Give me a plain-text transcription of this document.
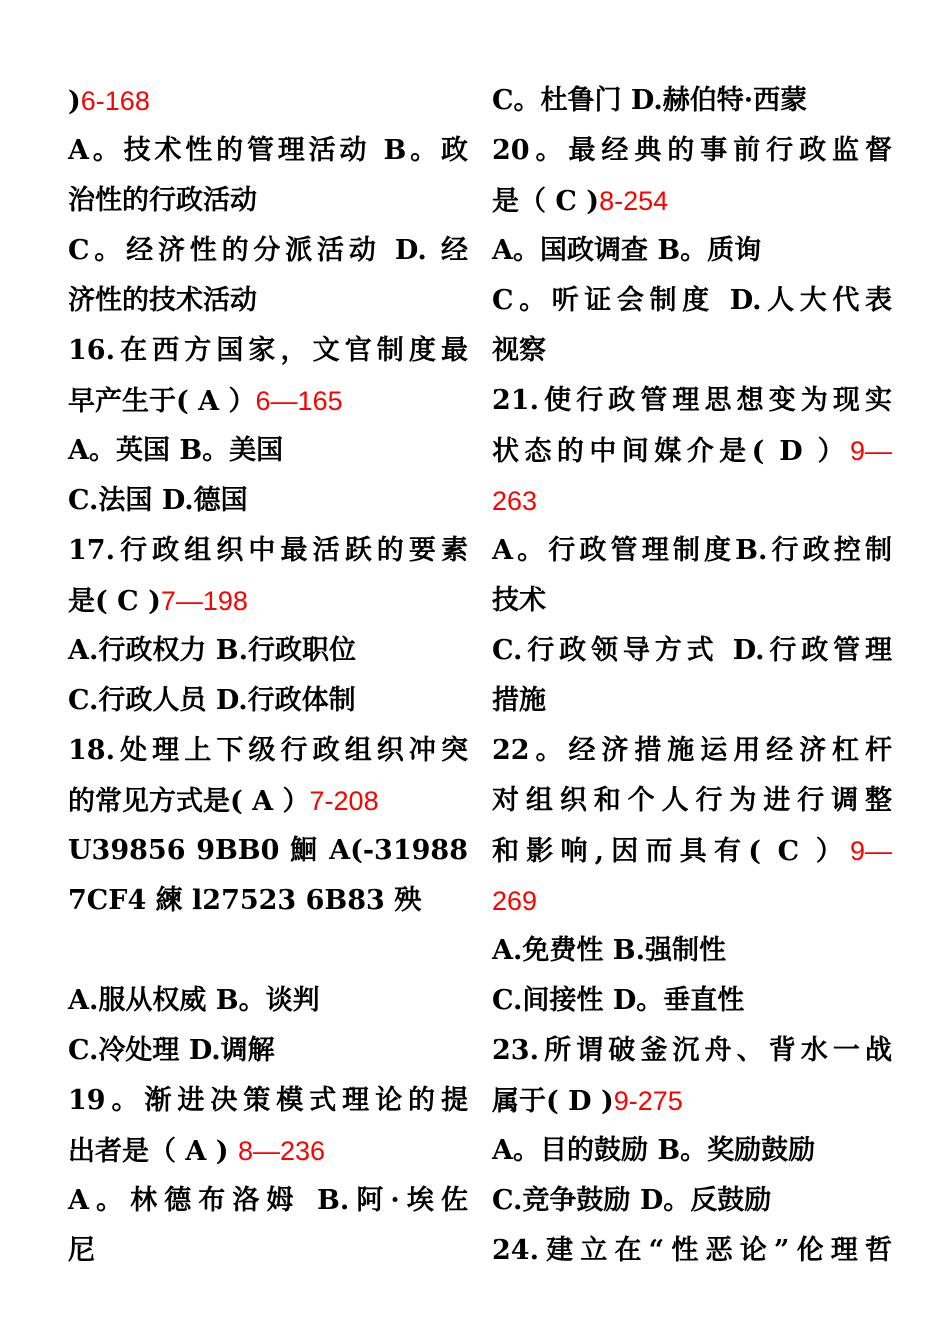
)6-168
A。技术性的管理活动 B。政
治性的行政活动
C。经济性的分派活动 D. 经
济性的技术活动
16.在西方国家，文官制度最
早产生于( A ）6—165
A。英国 B。美国
C.法国 D.德国
17.行政组织中最活跃的要素
是( C )7—198
A.行政权力 B.行政职位
C.行政人员 D.行政体制
18.处理上下级行政组织冲突
的常见方式是( A ）7-208
U39856 9BB0 鮰 A(-31988
7CF4 練 l27523 6B83 殃
A.服从权威 B。谈判
C.冷处理 D.调解
19。渐进决策模式理论的提
出者是（ A ) 8—236
A。林德布洛姆 B.阿·埃佐
尼
C。杜鲁门 D.赫伯特·西蒙
20。最经典的事前行政监督
是（ C )8-254
A。国政调查 B。质询
C。听证会制度 D.人大代表
视察
21.使行政管理思想变为现实
状态的中间媒介是( D ）9—
263
A。行政管理制度B.行政控制
技术
C.行政领导方式 D.行政管理
措施
22。经济措施运用经济杠杆
对组织和个人行为进行调整
和影响,因而具有( C ）9—
269
A.免费性 B.强制性
C.间接性 D。垂直性
23.所谓破釜沉舟、背水一战
属于( D )9-275
A。目的鼓励 B。奖励鼓励
C.竞争鼓励 D。反鼓励
24.建立在“性恶论”伦理哲
